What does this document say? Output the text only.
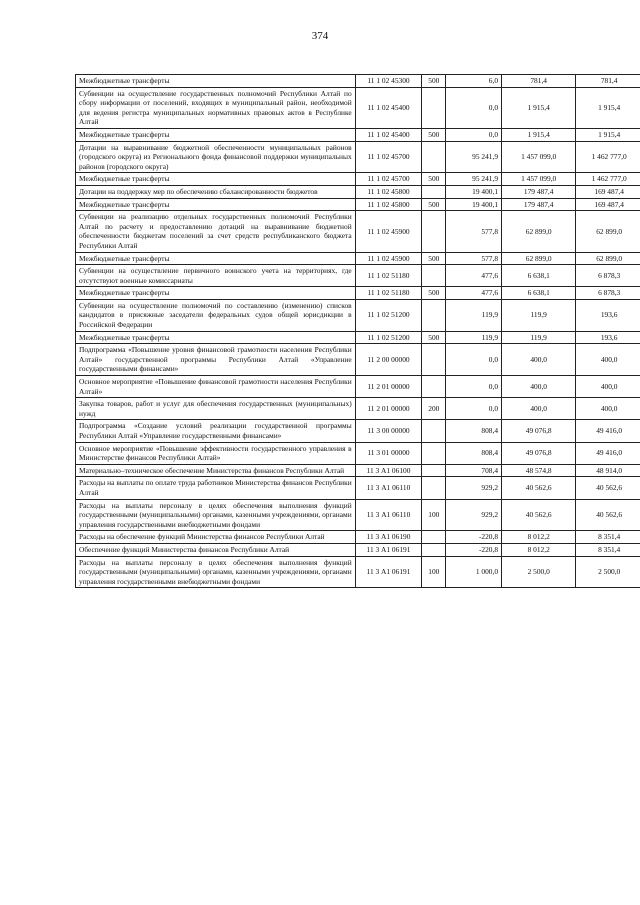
374
Межбюджетные трансферты	11 1 02 45300	500	6,0	781,4	781,4
Субвенции на осуществление государственных полномочий Республики Алтай по сбору информации от поселений, входящих в муниципальный район, необходимой для ведения регистра муниципальных нормативных правовых актов в Республике Алтай	11 1 02 45400		0,0	1 915,4	1 915,4
Межбюджетные трансферты	11 1 02 45400	500	0,0	1 915,4	1 915,4
Дотации на выравнивание бюджетной обеспеченности муниципальных районов (городского округа) из Регионального фонда финансовой поддержки муниципальных районов (городского округа)	11 1 02 45700		95 241,9	1 457 099,0	1 462 777,0
Межбюджетные трансферты	11 1 02 45700	500	95 241,9	1 457 099,0	1 462 777,0
Дотации на поддержку мер по обеспечению сбалансированности бюджетов	11 1 02 45800		19 400,1	179 487,4	169 487,4
Межбюджетные трансферты	11 1 02 45800	500	19 400,1	179 487,4	169 487,4
Субвенции на реализацию отдельных государственных полномочий Республики Алтай по расчету и предоставлению дотаций на выравнивание бюджетной обеспеченности бюджетам поселений за счет средств республиканского бюджета Республики Алтай	11 1 02 45900		577,8	62 899,0	62 899,0
Межбюджетные трансферты	11 1 02 45900	500	577,8	62 899,0	62 899,0
Субвенции на осуществление первичного воинского учета на территориях, где отсутствуют военные комиссариаты	11 1 02 51180		477,6	6 638,1	6 878,3
Межбюджетные трансферты	11 1 02 51180	500	477,6	6 638,1	6 878,3
Субвенции на осуществление полномочий по составлению (изменению) списков кандидатов в присяжные заседатели федеральных судов общей юрисдикции в Российской Федерации	11 1 02 51200		119,9	119,9	193,6
Межбюджетные трансферты	11 1 02 51200	500	119,9	119,9	193,6
Подпрограмма «Повышение уровня финансовой грамотности населения Республики Алтай» государственной программы Республики Алтай «Управление государственными финансами»	11 2 00 00000		0,0	400,0	400,0
Основное мероприятие «Повышение финансовой грамотности населения Республики Алтай»	11 2 01 00000		0,0	400,0	400,0
Закупка товаров, работ и услуг для обеспечения государственных (муниципальных) нужд	11 2 01 00000	200	0,0	400,0	400,0
Подпрограмма «Создание условий реализации государственной программы Республики Алтай «Управление государственными финансами»	11 3 00 00000		808,4	49 076,8	49 416,0
Основное мероприятие «Повышение эффективности государственного управления в Министерстве финансов Республики Алтай»	11 3 01 00000		808,4	49 076,8	49 416,0
Материально–техническое обеспечение Министерства финансов Республики Алтай	11 3 А1 06100		708,4	48 574,8	48 914,0
Расходы на выплаты по оплате труда работников Министерства финансов Республики Алтай	11 3 А1 06110		929,2	40 562,6	40 562,6
Расходы на выплаты персоналу в целях обеспечения выполнения функций государственными (муниципальными) органами, казенными учреждениями, органами управления государственными внебюджетными фондами	11 3 А1 06110	100	929,2	40 562,6	40 562,6
Расходы на обеспечение функций Министерства финансов Республики Алтай	11 3 А1 06190		-220,8	8 012,2	8 351,4
Обеспечение функций Министерства финансов Республики Алтай	11 3 А1 06191		-220,8	8 012,2	8 351,4
Расходы на выплаты персоналу в целях обеспечения выполнения функций государственными (муниципальными) органами, казенными учреждениями, органами управления государственными внебюджетными фондами	11 3 А1 06191	100	1 000,0	2 500,0	2 500,0
